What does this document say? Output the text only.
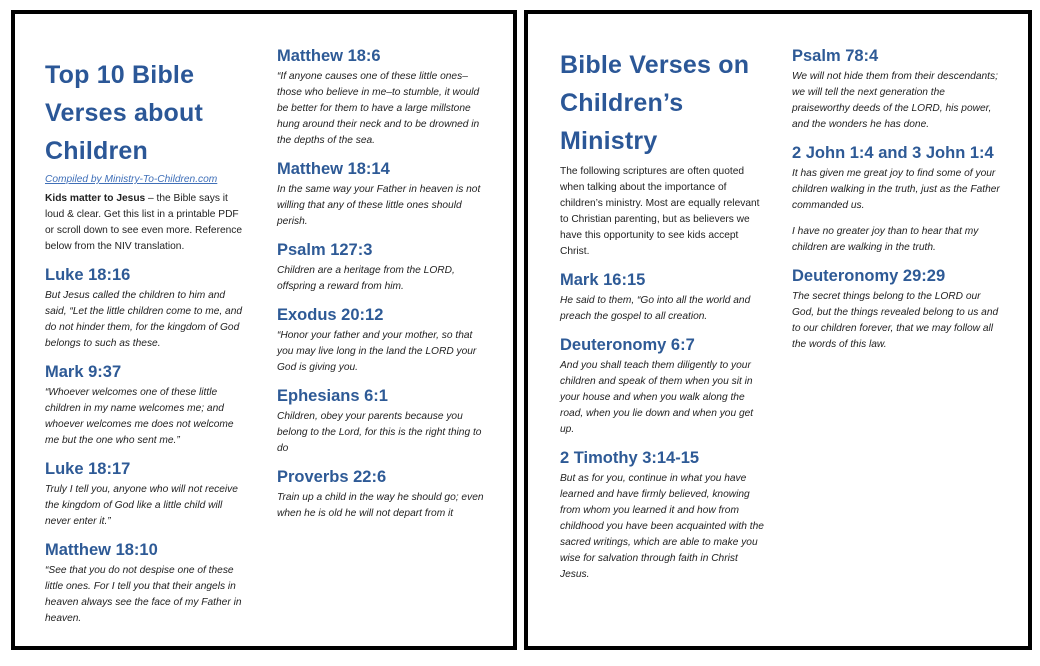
Top 10 Bible
Verses about
Children
Compiled by Ministry-To-Children.com

Kids matter to Jesus – the Bible says it loud & clear. Get this list in a printable PDF or scroll down to see even more. Reference below from the NIV translation.

Luke 18:16

But Jesus called the children to him and said, “Let the little children come to me, and do not hinder them, for the kingdom of God belongs to such as these.

Mark 9:37

“Whoever welcomes one of these little children in my name welcomes me; and whoever welcomes me does not welcome me but the one who sent me.”

Luke 18:17

Truly I tell you, anyone who will not receive the kingdom of God like a little child will never enter it.”

Matthew 18:10

“See that you do not despise one of these little ones. For I tell you that their angels in heaven always see the face of my Father in heaven.

Matthew 18:6

“If anyone causes one of these little ones–those who believe in me–to stumble, it would be better for them to have a large millstone hung around their neck and to be drowned in the depths of the sea.

Matthew 18:14

In the same way your Father in heaven is not willing that any of these little ones should perish.

Psalm 127:3

Children are a heritage from the LORD, offspring a reward from him.

Exodus 20:12

“Honor your father and your mother, so that you may live long in the land the LORD your God is giving you.

Ephesians 6:1

Children, obey your parents because you belong to the Lord, for this is the right thing to do

Proverbs 22:6

Train up a child in the way he should go; even when he is old he will not depart from it

Bible Verses on
Children’s
Ministry

The following scriptures are often quoted when talking about the importance of children’s ministry. Most are equally relevant to Christian parenting, but as believers we have this opportunity to see kids accept Christ.

Mark 16:15

He said to them, “Go into all the world and preach the gospel to all creation.

Deuteronomy 6:7

And you shall teach them diligently to your children and speak of them when you sit in your house and when you walk along the road, when you lie down and when you get up.

2 Timothy 3:14-15

But as for you, continue in what you have learned and have firmly believed, knowing from whom you learned it and how from childhood you have been acquainted with the sacred writings, which are able to make you wise for salvation through faith in Christ Jesus.

Psalm 78:4

We will not hide them from their descendants; we will tell the next generation the praiseworthy deeds of the LORD, his power, and the wonders he has done.

2 John 1:4 and 3 John 1:4

It has given me great joy to find some of your children walking in the truth, just as the Father commanded us.

I have no greater joy than to hear that my children are walking in the truth.

Deuteronomy 29:29

The secret things belong to the LORD our God, but the things revealed belong to us and to our children forever, that we may follow all the words of this law.
